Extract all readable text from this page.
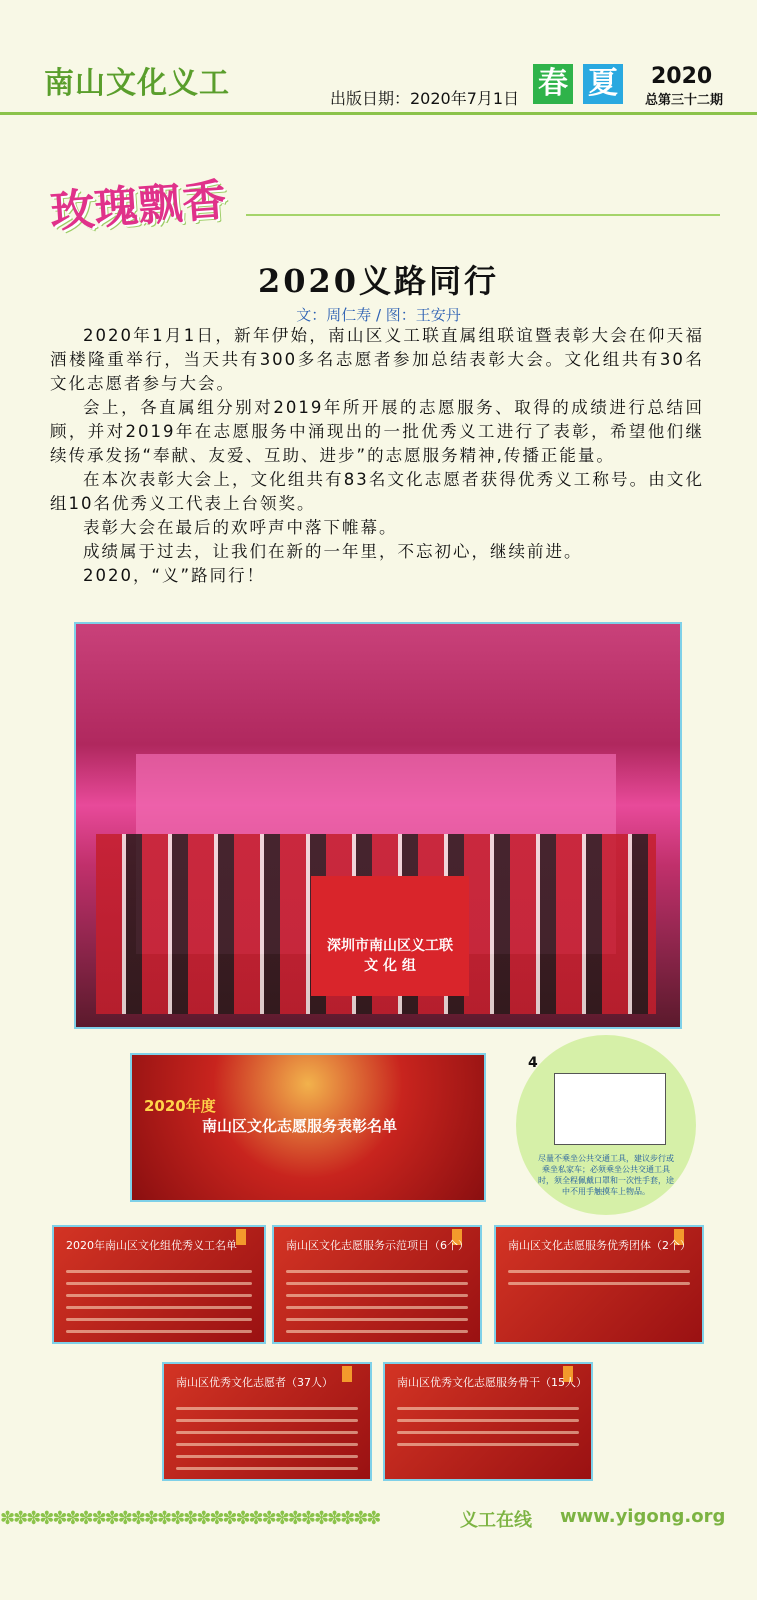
南山文化义工	出版日期：2020年7月1日 春 夏 2020
总第三十二期
玫瑰飘香
2020义路同行
文：周仁寿 / 图：王安丹

2020年1月1日，新年伊始，南山区义工联直属组联谊暨表彰大会在仰天福酒楼隆重举行，当天共有300多名志愿者参加总结表彰大会。文化组共有30名文化志愿者参与大会。

会上，各直属组分别对2019年所开展的志愿服务、取得的成绩进行总结回顾，并对2019年在志愿服务中涌现出的一批优秀义工进行了表彰，希望他们继续传承发扬“奉献、友爱、互助、进步”的志愿服务精神,传播正能量。

在本次表彰大会上，文化组共有83名文化志愿者获得优秀义工称号。由文化组10名优秀义工代表上台领奖。

表彰大会在最后的欢呼声中落下帷幕。

成绩属于过去，让我们在新的一年里，不忘初心，继续前进。

2020，“义”路同行！

深圳市南山区义工联
文 化 组
2020年度
南山区文化志愿服务表彰名单
4
尽量不乘坐公共交通工具，建议步行或乘坐私家车；必须乘坐公共交通工具时，须全程佩戴口罩和一次性手套，途中不用手触摸车上物品。
2020年南山区文化组优秀义工名单	南山区文化志愿服务示范项目（6个）	南山区文化志愿服务优秀团体（2个）
南山区优秀文化志愿者（37人）	南山区优秀文化志愿服务骨干（15人）
✽✽✽✽✽✽✽✽✽✽✽✽✽✽✽✽✽✽✽✽✽✽✽✽✽✽✽✽✽	义工在线 www.yigong.org
